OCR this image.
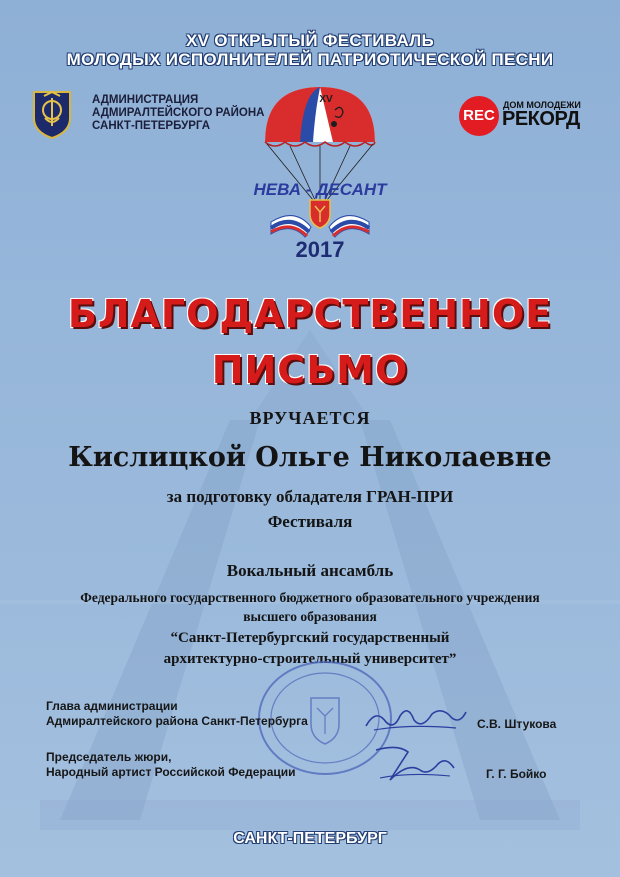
XV ОТКРЫТЫЙ ФЕСТИВАЛЬ
МОЛОДЫХ ИСПОЛНИТЕЛЕЙ ПАТРИОТИЧЕСКОЙ ПЕСНИ
АДМИНИСТРАЦИЯ
АДМИРАЛТЕЙСКОГО РАЙОНА
САНКТ-ПЕТЕРБУРГА
XV
НЕВА - ДЕСАНТ
2017
REC
ДОМ МОЛОДЕЖИ
РЕКОРД
БЛАГОДАРСТВЕННОЕ
ПИСЬМО
ВРУЧАЕТСЯ
Кислицкой Ольге Николаевне
за подготовку обладателя ГРАН-ПРИ
Фестиваля
Вокальный ансамбль
Федерального государственного бюджетного образовательного учреждения
высшего образования
“Санкт-Петербургский государственный
архитектурно-строительный университет”
Глава администрации
Адмиралтейского района Санкт-Петербурга	С.В. Штукова
Председатель жюри,
Народный артист Российской Федерации	Г. Г. Бойко
САНКТ-ПЕТЕРБУРГ
